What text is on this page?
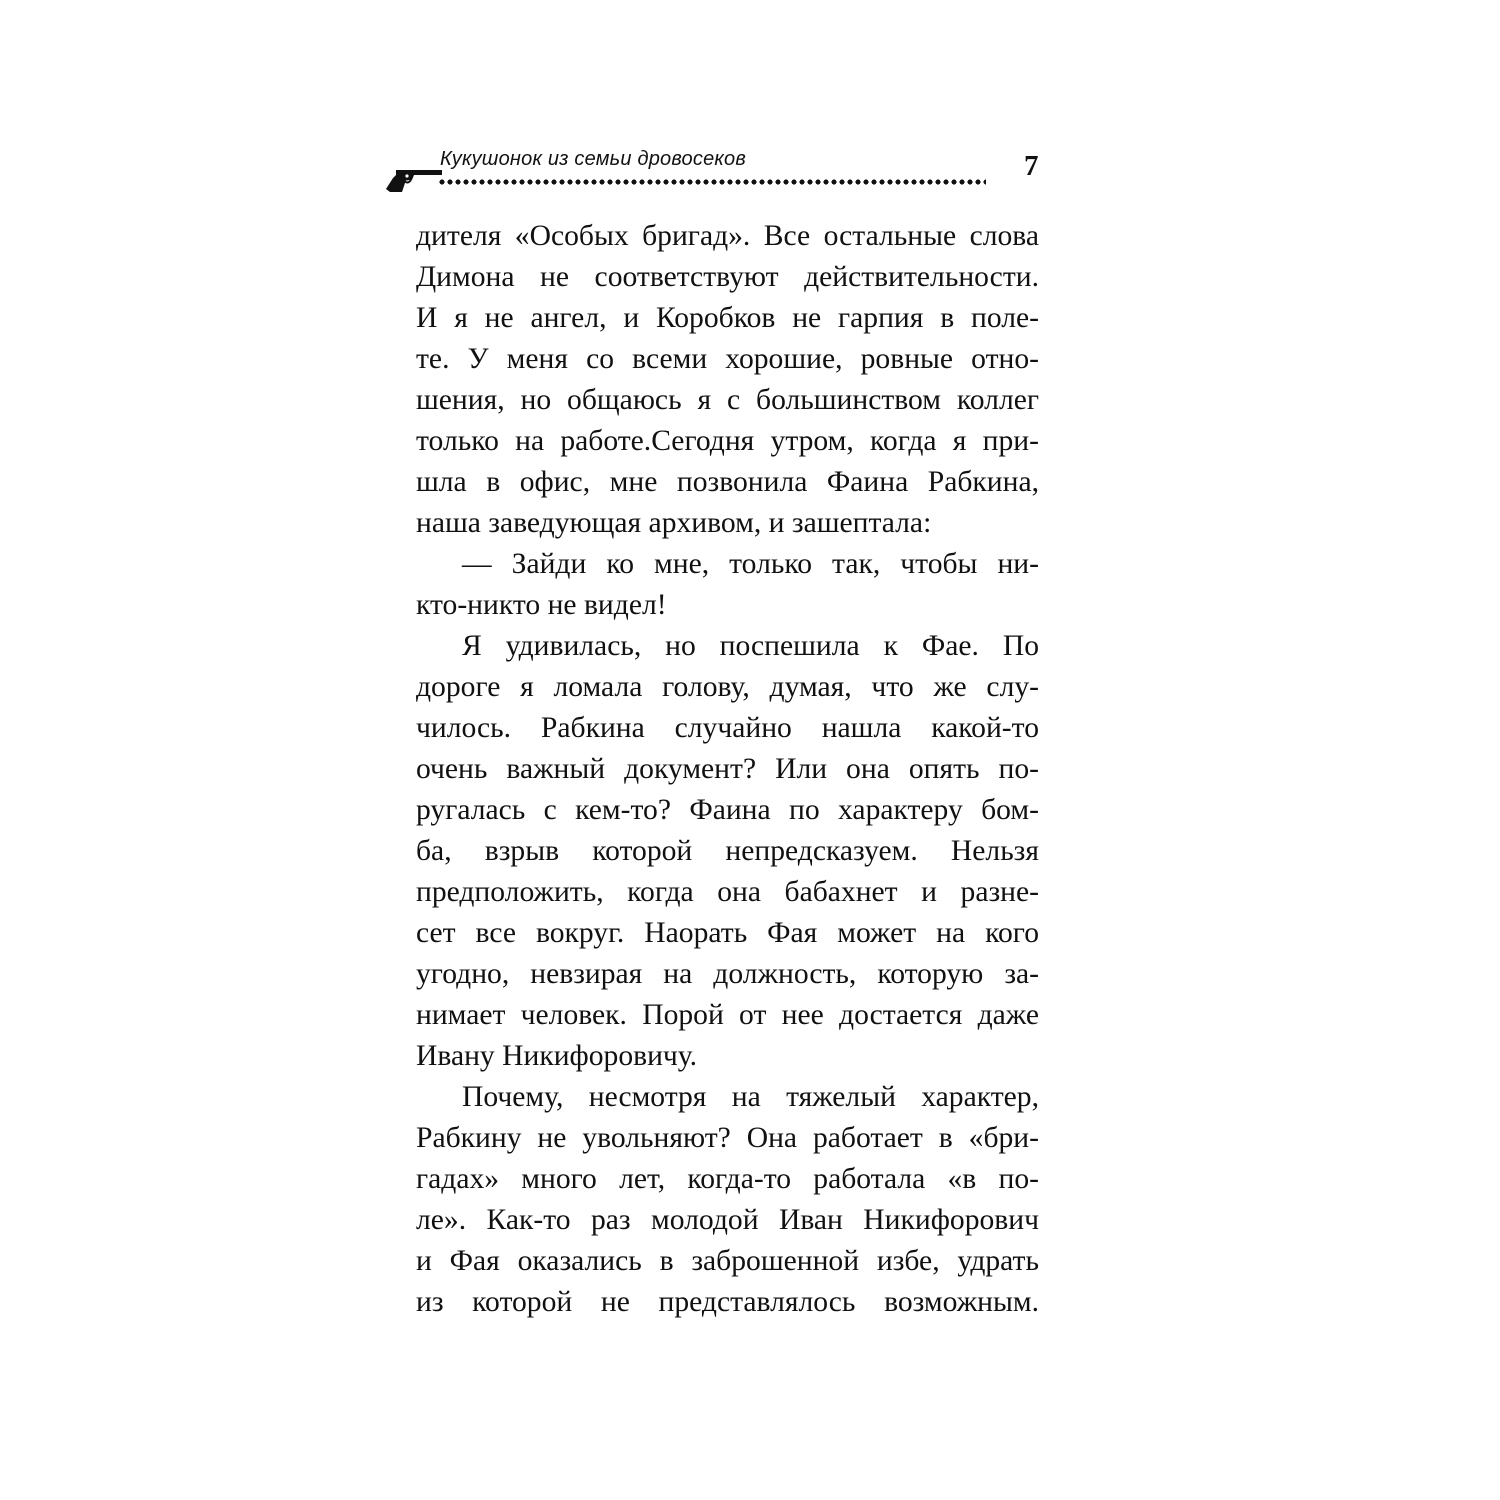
Кукушонок из семьи дровосеков	7
дителя «Особых бригад». Все остальные слова
Димона не соответствуют действительности.
И я не ангел, и Коробков не гарпия в поле-
те. У меня со всеми хорошие, ровные отно-
шения, но общаюсь я с большинством коллег
только на работе.Сегодня утром, когда я при-
шла в офис, мне позвонила Фаина Рабкина,
наша заведующая архивом, и зашептала:
— Зайди ко мне, только так, чтобы ни-
кто-никто не видел!
Я удивилась, но поспешила к Фае. По
дороге я ломала голову, думая, что же слу-
чилось. Рабкина случайно нашла какой-то
очень важный документ? Или она опять по-
ругалась с кем-то? Фаина по характеру бом-
ба, взрыв которой непредсказуем. Нельзя
предположить, когда она бабахнет и разне-
сет все вокруг. Наорать Фая может на кого
угодно, невзирая на должность, которую за-
нимает человек. Порой от нее достается даже
Ивану Никифоровичу.
Почему, несмотря на тяжелый характер,
Рабкину не увольняют? Она работает в «бри-
гадах» много лет, когда-то работала «в по-
ле». Как-то раз молодой Иван Никифорович
и Фая оказались в заброшенной избе, удрать
из которой не представлялось возможным.
